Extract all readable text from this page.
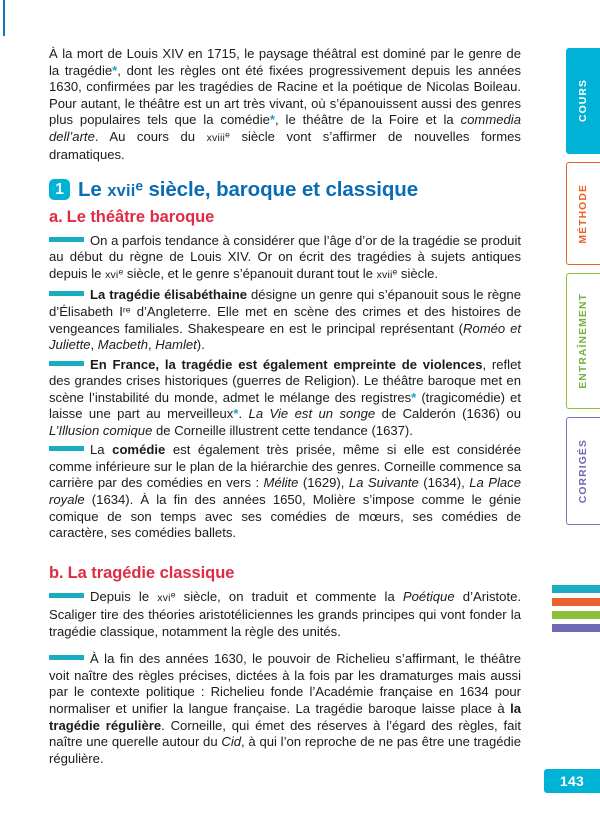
À la mort de Louis XIV en 1715, le paysage théâtral est dominé par le genre de la tragédie*, dont les règles ont été fixées progressivement depuis les années 1630, confirmées par les tragédies de Racine et la poétique de Nicolas Boileau. Pour autant, le théâtre est un art très vivant, où s’épanouissent aussi des genres plus populaires tels que la comédie*, le théâtre de la Foire et la commedia dell’arte. Au cours du xviii$^e$ siècle vont s’affirmer de nouvelles formes dramatiques.

1 Le xvii$^e$ siècle, baroque et classique
a. Le théâtre baroque

On a parfois tendance à considérer que l’âge d’or de la tragédie se produit au début du règne de Louis XIV. Or on écrit des tragédies à sujets antiques depuis le xvi$^e$ siècle, et le genre s’épanouit durant tout le xvii$^e$ siècle.

La tragédie élisabéthaine désigne un genre qui s’épanouit sous le règne d’Élisabeth Ire d’Angleterre. Elle met en scène des crimes et des histoires de vengeances familiales. Shakespeare en est le principal représentant (Roméo et Juliette, Macbeth, Hamlet).

En France, la tragédie est également empreinte de violences, reflet des grandes crises historiques (guerres de Religion). Le théâtre baroque met en scène l’instabilité du monde, admet le mélange des registres* (tragicomédie) et laisse une part au merveilleux*. La Vie est un songe de Calderón (1636) ou L’Illusion comique de Corneille illustrent cette tendance (1637).

La comédie est également très prisée, même si elle est considérée comme inférieure sur le plan de la hiérarchie des genres. Corneille commence sa carrière par des comédies en vers : Mélite (1629), La Suivante (1634), La Place royale (1634). À la fin des années 1650, Molière s’impose comme le génie comique de son temps avec ses comédies de mœurs, ses comédies de caractère, ses comédies ballets.

b. La tragédie classique

Depuis le xvi$^e$ siècle, on traduit et commente la Poétique d’Aristote. Scaliger tire des théories aristotéliciennes les grands principes qui vont fonder la tragédie classique, notamment la règle des unités.

À la fin des années 1630, le pouvoir de Richelieu s’affirmant, le théâtre voit naître des règles précises, dictées à la fois par les dramaturges mais aussi par le contexte politique : Richelieu fonde l’Académie française en 1634 pour normaliser et unifier la langue française. La tragédie baroque laisse place à la tragédie régulière. Corneille, qui émet des réserves à l’égard des règles, fait naître une querelle autour du Cid, à qui l’on reproche de ne pas être une tragédie régulière.

COURS
MÉTHODE
ENTRAÎNEMENT
CORRIGÉS
143
